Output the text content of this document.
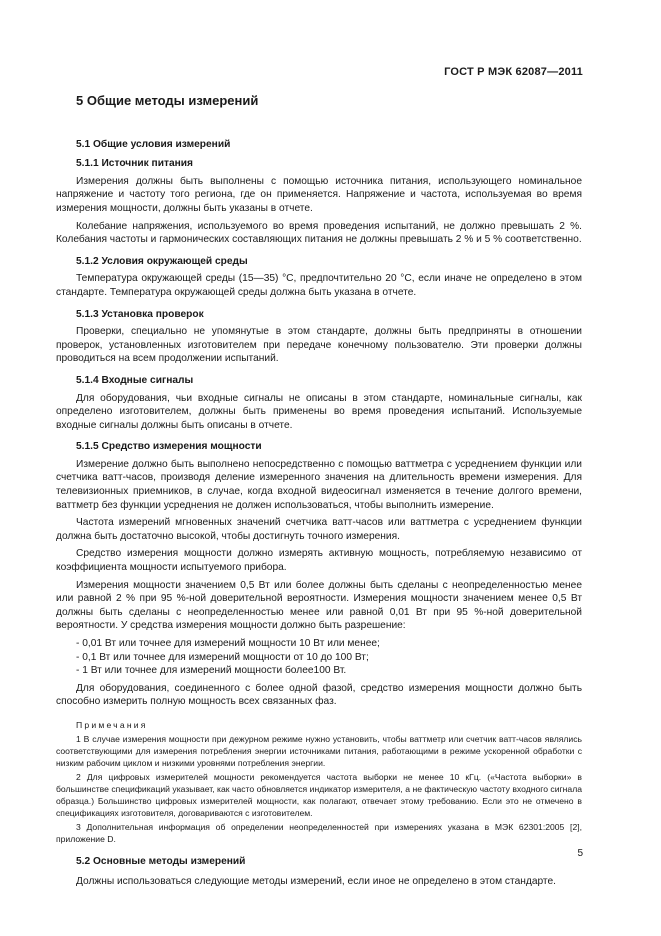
ГОСТ Р МЭК 62087—2011
5 Общие методы измерений
5.1 Общие условия измерений
5.1.1 Источник питания

Измерения должны быть выполнены с помощью источника питания, использующего номинальное напряжение и частоту того региона, где он применяется. Напряжение и частота, используемая во время измерения мощности, должны быть указаны в отчете.

Колебание напряжения, используемого во время проведения испытаний, не должно превышать 2 %. Колебания частоты и гармонических составляющих питания не должны превышать 2 % и 5 % соответственно.

5.1.2 Условия окружающей среды

Температура окружающей среды (15—35) °С, предпочтительно 20 °С, если иначе не определено в этом стандарте. Температура окружающей среды должна быть указана в отчете.

5.1.3 Установка проверок

Проверки, специально не упомянутые в этом стандарте, должны быть предприняты в отношении проверок, установленных изготовителем при передаче конечному пользователю. Эти проверки должны проводиться на всем продолжении испытаний.

5.1.4 Входные сигналы

Для оборудования, чьи входные сигналы не описаны в этом стандарте, номинальные сигналы, как определено изготовителем, должны быть применены во время проведения испытаний. Используемые входные сигналы должны быть описаны в отчете.

5.1.5 Средство измерения мощности

Измерение должно быть выполнено непосредственно с помощью ваттметра с усреднением функции или счетчика ватт-часов, производя деление измеренного значения на длительность времени измерения. Для телевизионных приемников, в случае, когда входной видеосигнал изменяется в течение долгого времени, ваттметр без функции усреднения не должен использоваться, чтобы выполнить измерение.

Частота измерений мгновенных значений счетчика ватт-часов или ваттметра с усреднением функции должна быть достаточно высокой, чтобы достигнуть точного измерения.

Средство измерения мощности должно измерять активную мощность, потребляемую независимо от коэффициента мощности испытуемого прибора.

Измерения мощности значением 0,5 Вт или более должны быть сделаны с неопределенностью менее или равной 2 % при 95 %-ной доверительной вероятности. Измерения мощности значением менее 0,5 Вт должны быть сделаны с неопределенностью менее или равной 0,01 Вт при 95 %-ной доверительной вероятности. У средства измерения мощности должно быть разрешение:

- 0,01 Вт или точнее для измерений мощности 10 Вт или менее;
- 0,1 Вт или точнее для измерений мощности от 10 до 100 Вт;
- 1 Вт или точнее для измерений мощности более100 Вт.

Для оборудования, соединенного с более одной фазой, средство измерения мощности должно быть способно измерить полную мощность всех связанных фаз.

Примечания

1 В случае измерения мощности при дежурном режиме нужно установить, чтобы ваттметр или счетчик ватт-часов являлись соответствующими для измерения потребления энергии источниками питания, работающими в режиме ускоренной обработки с низким рабочим циклом и низкими уровнями потребления энергии.

2 Для цифровых измерителей мощности рекомендуется частота выборки не менее 10 кГц. («Частота выборки» в большинстве спецификаций указывает, как часто обновляется индикатор измерителя, а не фактическую частоту входного сигнала образца.) Большинство цифровых измерителей мощности, как полагают, отвечает этому требованию. Если это не отмечено в спецификациях изготовителя, договариваются с изготовителем.

3 Дополнительная информация об определении неопределенностей при измерениях указана в МЭК 62301:2005 [2], приложение D.

5.2 Основные методы измерений

Должны использоваться следующие методы измерений, если иное не определено в этом стандарте.

5
